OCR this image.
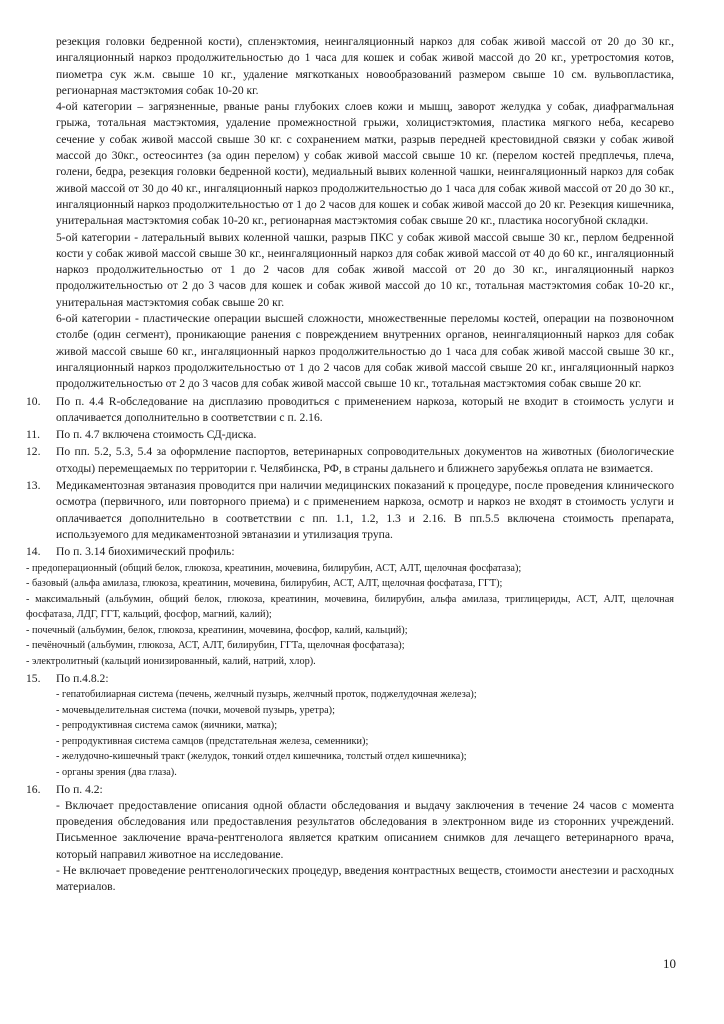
резекция головки бедренной кости), спленэктомия, неингаляционный наркоз для собак живой массой от 20 до 30 кг., ингаляционный наркоз продолжительностью до 1 часа для кошек и собак живой массой до 20 кг., уретростомия котов, пиометра сук ж.м. свыше 10 кг., удаление мягкотканых новообразований размером свыше 10 см. вульвопластика, регионарная мастэктомия собак 10-20 кг.

4-ой категории – загрязненные, рваные раны глубоких слоев кожи и мышц, заворот желудка у собак, диафрагмальная грыжа, тотальная мастэктомия, удаление промежностной грыжи, холицистэктомия, пластика мягкого неба, кесарево сечение у собак живой массой свыше 30 кг. с сохранением матки, разрыв передней крестовидной связки у собак живой массой до 30кг., остеосинтез (за один перелом) у собак живой массой свыше 10 кг. (перелом костей предплечья, плеча, голени, бедра, резекция головки бедренной кости), медиальный вывих коленной чашки, неингаляционный наркоз для собак живой массой от 30 до 40 кг., ингаляционный наркоз продолжительностью до 1 часа для собак живой массой от 20 до 30 кг., ингаляционный наркоз продолжительностью от 1 до 2 часов для кошек и собак живой массой до 20 кг. Резекция кишечника, унитеральная мастэктомия собак 10-20 кг., регионарная мастэктомия собак свыше 20 кг., пластика носогубной складки.

5-ой категории - латеральный вывих коленной чашки, разрыв ПКС у собак живой массой свыше 30 кг., перлом бедренной кости у собак живой массой свыше 30 кг., неингаляционный наркоз для собак живой массой от 40 до 60 кг., ингаляционный наркоз продолжительностью от 1 до 2 часов для собак живой массой от 20 до 30 кг., ингаляционный наркоз продолжительностью от 2 до 3 часов для кошек и собак живой массой до 10 кг., тотальная мастэктомия собак 10-20 кг., унитеральная мастэктомия собак свыше 20 кг.

6-ой категории - пластические операции высшей сложности, множественные переломы костей, операции на позвоночном столбе (один сегмент), проникающие ранения с повреждением внутренних органов, неингаляционный наркоз для собак живой массой свыше 60 кг., ингаляционный наркоз продолжительностью до 1 часа для собак живой массой свыше 30 кг., ингаляционный наркоз продолжительностью от 1 до 2 часов для собак живой массой свыше 20 кг., ингаляционный наркоз продолжительностью от 2 до 3 часов для собак живой массой свыше 10 кг., тотальная мастэктомия собак свыше 20 кг.

10.	По п. 4.4 R-обследование на дисплазию проводиться с применением наркоза, который не входит в стоимость услуги и оплачивается дополнительно в соответствии с п. 2.16.

11.	По п. 4.7 включена стоимость СД-диска.

12.	По пп. 5.2, 5.3, 5.4 за оформление паспортов, ветеринарных сопроводительных документов на животных (биологические отходы) перемещаемых по территории г. Челябинска, РФ, в страны дальнего и ближнего зарубежья оплата не взимается.

13.	Медикаментозная эвтаназия проводится при наличии медицинских показаний к процедуре, после проведения клинического осмотра (первичного, или повторного приема) и с применением наркоза, осмотр и наркоз не входят в стоимость услуги и оплачивается дополнительно в соответствии с пп. 1.1, 1.2, 1.3 и 2.16. В пп.5.5 включена стоимость препарата, используемого для медикаментозной эвтаназии и утилизация трупа.

14.	По п. 3.14 биохимический профиль:

- предоперационный (общий белок, глюкоза, креатинин, мочевина, билирубин, АСТ, АЛТ, щелочная фосфатаза);

- базовый (альфа амилаза, глюкоза, креатинин, мочевина, билирубин, АСТ, АЛТ, щелочная фосфатаза, ГГТ);

- максимальный (альбумин, общий белок, глюкоза, креатинин, мочевина, билирубин, альфа амилаза, триглицериды, АСТ, АЛТ, щелочная фосфатаза, ЛДГ, ГГТ, кальций, фосфор, магний, калий);

- почечный (альбумин, белок, глюкоза, креатинин, мочевина, фосфор, калий, кальций);

- печёночный (альбумин, глюкоза, АСТ, АЛТ, билирубин, ГГТа, щелочная фосфатаза);

- электролитный (кальций ионизированный, калий, натрий, хлор).

15.	По п.4.8.2:

- гепатобилиарная система (печень, желчный пузырь, желчный проток, поджелудочная железа);

- мочевыделительная система (почки, мочевой пузырь, уретра);

- репродуктивная система самок (яичники, матка);

- репродуктивная система самцов (предстательная железа, семенники);

- желудочно-кишечный тракт (желудок, тонкий отдел кишечника, толстый отдел кишечника);

- органы зрения (два глаза).

16.	По п. 4.2:

- Включает предоставление описания одной области обследования и выдачу заключения в течение 24 часов с момента проведения обследования или предоставления результатов обследования в электронном виде из сторонних учреждений. Письменное заключение врача-рентгенолога является кратким описанием снимков для лечащего ветеринарного врача, который направил животное на исследование.

- Не включает проведение рентгенологических процедур, введения контрастных веществ, стоимости анестезии и расходных материалов.

10
